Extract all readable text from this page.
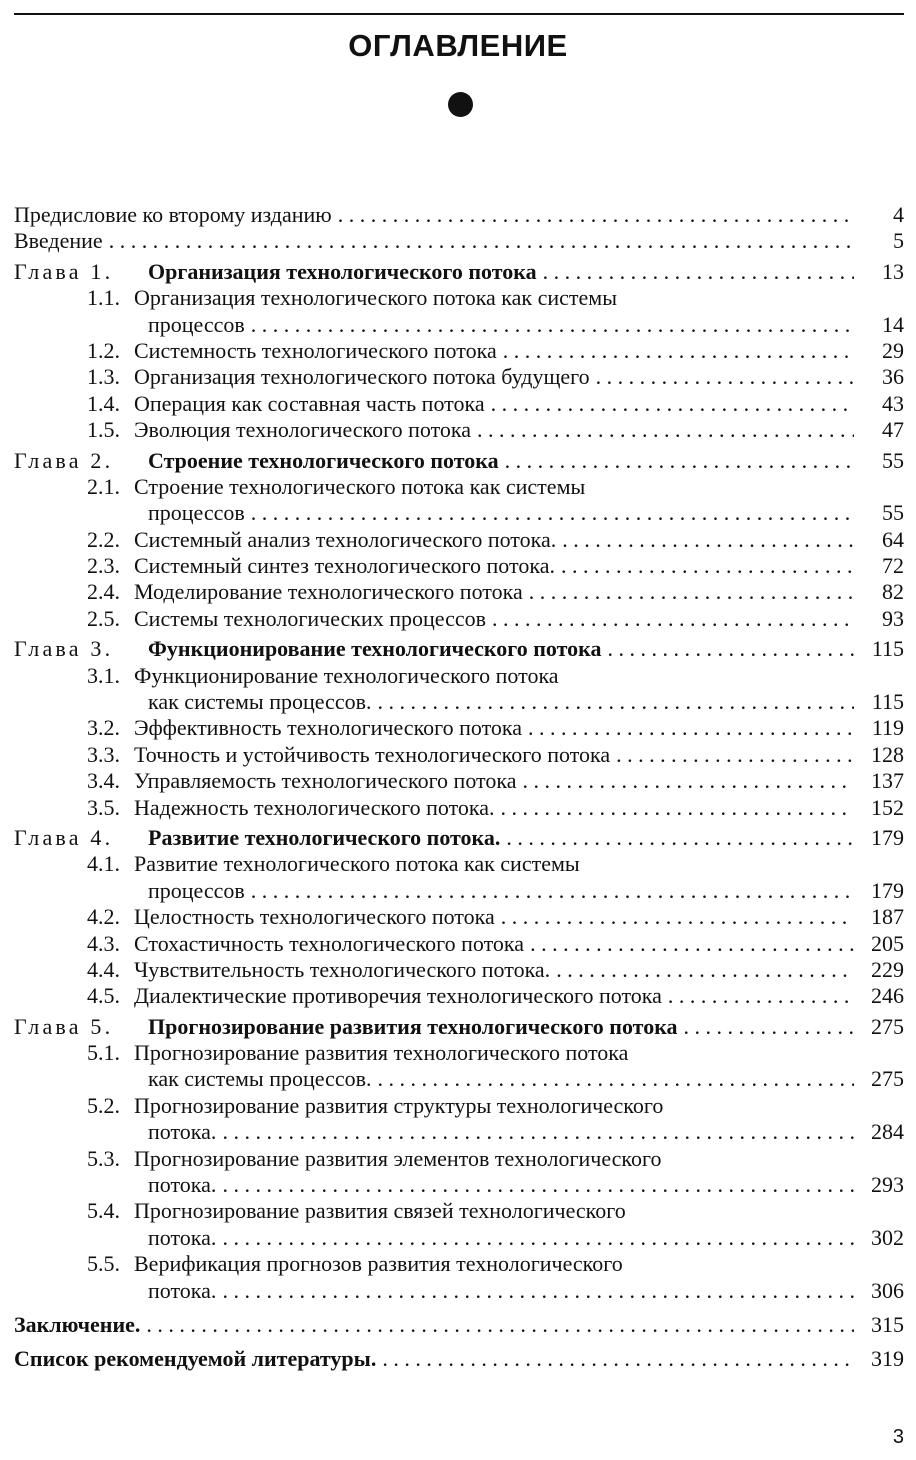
ОГЛАВЛЕНИЕ
Предисловие ко второму изданию . . .	4
Введение . . .	5
Глава 1. Организация технологического потока . . .	13
1.1. Организация технологического потока как системы
процессов . . .	14
1.2. Системность технологического потока . . .	29
1.3. Организация технологического потока будущего . . .	36
1.4. Операция как составная часть потока . . .	43
1.5. Эволюция технологического потока . . .	47
Глава 2. Строение технологического потока . . .	55
2.1. Строение технологического потока как системы
процессов . . .	55
2.2. Системный анализ технологического потока. . . .	64
2.3. Системный синтез технологического потока. . . .	72
2.4. Моделирование технологического потока . . .	82
2.5. Системы технологических процессов . . .	93
Глава 3. Функционирование технологического потока . . .	115
3.1. Функционирование технологического потока
как системы процессов. . . .	115
3.2. Эффективность технологического потока . . .	119
3.3. Точность и устойчивость технологического потока . . .	128
3.4. Управляемость технологического потока . . .	137
3.5. Надежность технологического потока. . . .	152
Глава 4. Развитие технологического потока. . . .	179
4.1. Развитие технологического потока как системы
процессов . . .	179
4.2. Целостность технологического потока . . .	187
4.3. Стохастичность технологического потока . . .	205
4.4. Чувствительность технологического потока. . . .	229
4.5. Диалектические противоречия технологического потока . . .	246
Глава 5. Прогнозирование развития технологического потока . . .	275
5.1. Прогнозирование развития технологического потока
как системы процессов. . . .	275
5.2. Прогнозирование развития структуры технологического
потока. . . .	284
5.3. Прогнозирование развития элементов технологического
потока. . . .	293
5.4. Прогнозирование развития связей технологического
потока. . . .	302
5.5. Верификация прогнозов развития технологического
потока. . . .	306
Заключение. . . .	315
Список рекомендуемой литературы. . . .	319
3
